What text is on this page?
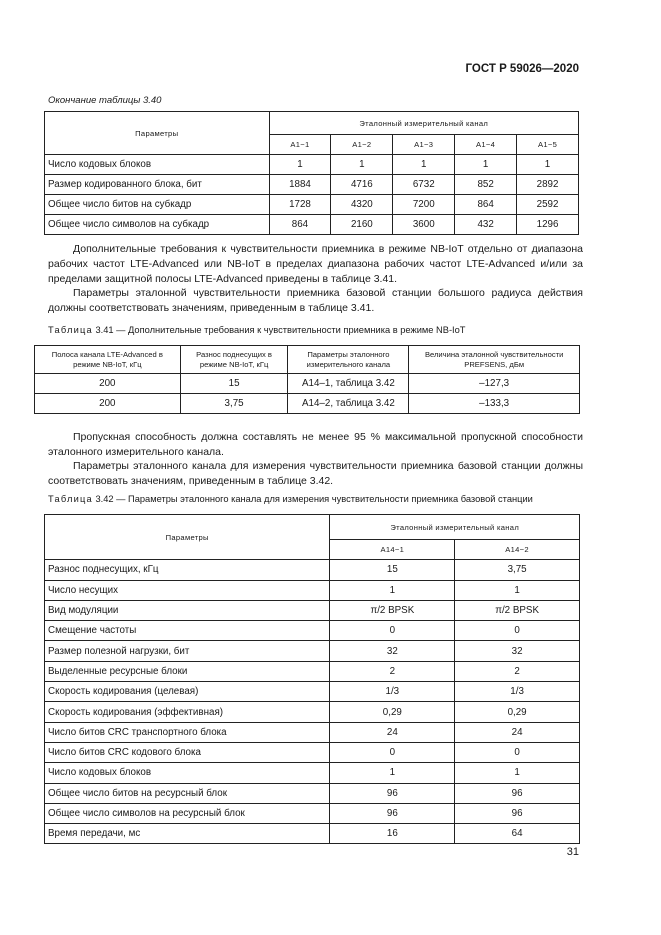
ГОСТ Р 59026—2020
Окончание таблицы 3.40
Параметры	Эталонный измерительный канал				
	A1−1	A1−2	A1−3	A1−4	A1−5
Число кодовых блоков	1	1	1	1	1
Размер кодированного блока, бит	1884	4716	6732	852	2892
Общее число битов на субкадр	1728	4320	7200	864	2592
Общее число символов на субкадр	864	2160	3600	432	1296

Дополнительные требования к чувствительности приемника в режиме NB-IoT отдельно от диапазона рабочих частот LTE-Advanced или NB-IoT в пределах диапазона рабочих частот LTE-Advanced и/или за пределами защитной полосы LTE-Advanced приведены в таблице 3.41.

Параметры эталонной чувствительности приемника базовой станции большого радиуса действия должны соответствовать значениям, приведенным в таблице 3.41.

Таблица 3.41 — Дополнительные требования к чувствительности приемника в режиме NB-IoT
Полоса канала LTE-Advanced в режиме NB-IoT, кГц	Разнос поднесущих в режиме NB-IoT, кГц	Параметры эталонного измерительного канала	Величина эталонной чувствительности PREFSENS, дБм
200	15	A14–1, таблица 3.42	–127,3
200	3,75	A14–2, таблица 3.42	–133,3

Пропускная способность должна составлять не менее 95 % максимальной пропускной способности эталонного измерительного канала.

Параметры эталонного канала для измерения чувствительности приемника базовой станции должны соответствовать значениям, приведенным в таблице 3.42.

Таблица 3.42 — Параметры эталонного канала для измерения чувствительности приемника базовой станции
Параметры	Эталонный измерительный канал	
	A14−1	A14−2
Разнос поднесущих, кГц	15	3,75
Число несущих	1	1
Вид модуляции	π/2 BPSK	π/2 BPSK
Смещение частоты	0	0
Размер полезной нагрузки, бит	32	32
Выделенные ресурсные блоки	2	2
Скорость кодирования (целевая)	1/3	1/3
Скорость кодирования (эффективная)	0,29	0,29
Число битов CRC транспортного блока	24	24
Число битов CRC кодового блока	0	0
Число кодовых блоков	1	1
Общее число битов на ресурсный блок	96	96
Общее число символов на ресурсный блок	96	96
Время передачи, мс	16	64
31
